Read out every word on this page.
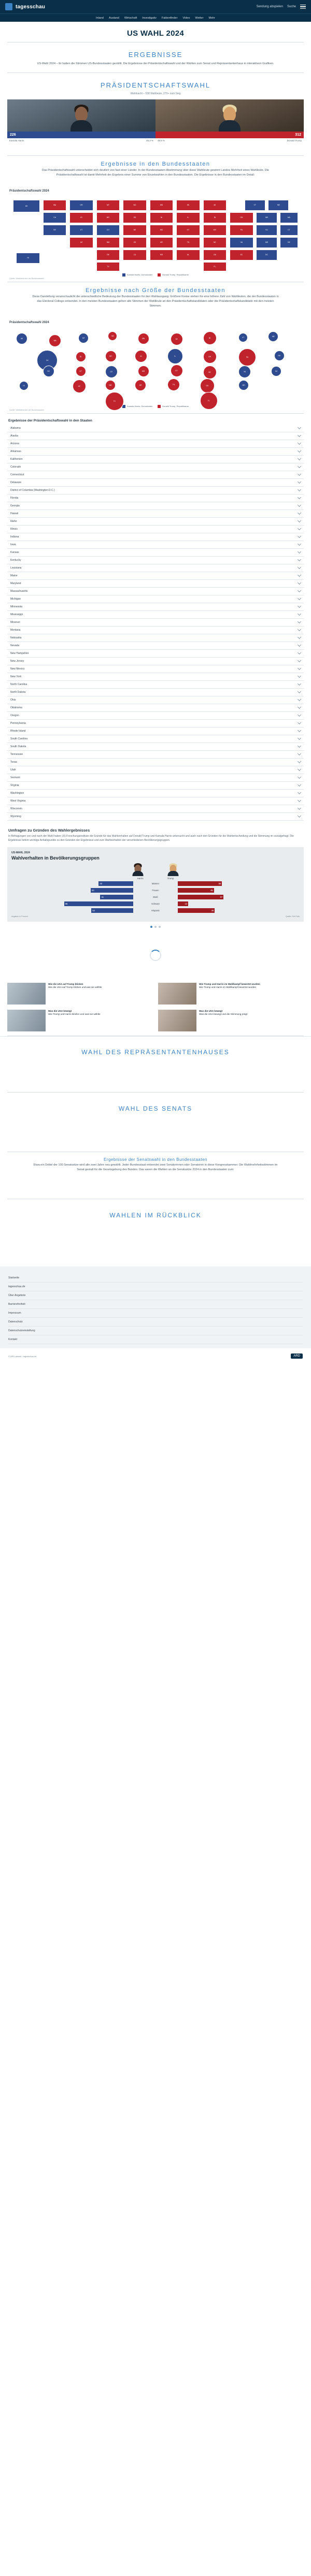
tagesschau	Sendung abspielen Suche
Inland Ausland Wirtschaft Investigativ Faktenfinder Video Wetter Mehr
US WAHL 2024
ERGEBNISSE
US-Wahl 2024 – Er hatten die Stimmen US-Bundesstaaten gezählt. Die Ergebnisse der Präsidentschaftswahl und der Wahlen zum Senat und Repräsentantenhaus in interaktiven Grafiken.
PRÄSIDENTSCHAFTSWAHL
Wahlnacht – 538 Wahlleute, 270+ zum Sieg
226
Kamala Harris	48,3 %
312
Donald Trump
49,9 %
Ergebnisse in den Bundesstaaten
Das Präsidentschaftswahl unterscheidet sich deutlich von fast einer Länder. In der Bundesstaaten-Abstimmung über diese Wahlleute gewinnt Landes Mehrheit eines Wahlleute. Die Präsidentschaftswahl ist damit Mehrheit der Ergebnis einer Summe von Einzelwahlen in den Bundesstaaten. Die Ergebnisse in den Bundesstaaten im Detail:
Präsidentschaftswahl 2024
AK	WA	OR	MT	ND	MN	WI	MI	VT	ME
CA	ID	WY	SD	IA	IL	IN	OH	NH	MA
NV	UT	CO	NE	MO	KY	WV	PA	NJ	CT
AZ	NM	KS	AR	TN	NC	VA	MD	DE
OK	LA	MS	AL	GA	SC	DC
HI
TX	FL
Kamala Harris, Demokraten	Donald Trump, Republikaner
Quelle: Wahlbehörden der Bundesstaaten
Ergebnisse nach Größe der Bundesstaaten
Diese Darstellung veranschaulicht die unterschiedliche Bedeutung der Bundesstaaten für den Wahlausgang. Größere Kreise stehen für eine höhere Zahl von Wahlleuten, die der Bundesstaaten in das Electoral College entsendet. In den meisten Bundesstaaten gehen alle Stimmen der Wahlleute an den Präsidentschaftskandidaten oder die Präsidentschaftskandidatin mit den meisten Stimmen.
Präsidentschaftswahl 2024
AK
WA
MT
ND
MN	WI	MI	VT	ME
CA
ID	WY	IA	IL	OH	PA
NH
NV	UT	CO	MO	KY
NC	VA	NJ
AZ	NM	AR	TN	GA	MD
HI
TX	FL
Kamala Harris, Demokraten	Donald Trump, Republikaner
Quelle: Wahlbehörden der Bundesstaaten
Ergebnisse der Präsidentschaftswahl in den Staaten
Alabama
Alaska
Arizona
Arkansas
Kalifornien
Colorado
Connecticut
Delaware
District of Columbia (Washington D.C.)
Florida
Georgia
Hawaii
Idaho
Illinois
Indiana
Iowa
Kansas
Kentucky
Louisiana
Maine
Maryland
Massachusetts
Michigan
Minnesota
Mississippi
Missouri
Montana
Nebraska
Nevada
New Hampshire
New Jersey
New Mexico
New York
North Carolina
North Dakota
Ohio
Oklahoma
Oregon
Pennsylvania
Rhode Island
South Carolina
South Dakota
Tennessee
Texas
Utah
Vermont
Virginia
Washington
West Virginia
Wisconsin
Wyoming
Umfragen zu Gründen des Wahlergebnisses
In Befragungen von und nach der Wahl haben US-Forschungsinstitute die Gründe für das Wahlverhalten auf Donald Trump und Kamala Harris untersucht und auch nach den Gründen für die Wahlentscheidung und die Stimmung im sozialgefragt. Die Ergebnisse liefern wichtige Anhaltspunkte zu den Gründen der Ergebnisse und zum Wahlverhalten der verschiedenen Bevölkerungsgruppen.
US-WAHL 2024
Wahlverhalten in Bevölkerungsgruppen
Harris	Trump
43	Männer	55
53	Frauen	45
41	Weiß	57
86	Schwarz	13
52	Hispanic	46
Angaben in Prozent	Quelle: Exit Polls
Wie die USA auf Trump blicken
Wie die USA auf Trump blicken und was sie wählte
Wie Trump und Harris im Wahlkampf bewertet wurden
Wie Trump und Harris im Wahlkampf bewertet wurden
Was die USA bewegt
Wie Trump und Harris Briefen und was sie wählte
Was die USA bewegt
Was die USA bewegt und die Stimmung prägt
WAHL DES REPRÄSENTANTENHAUSES
WAHL DES SENATS
Ergebnisse der Senatswahl in den Bundesstaaten
Etwa ein Drittel der 100 Senatssitze wird alle zwei Jahre neu gewählt. Jeder Bundesstaat entsendet zwei Senatorinnen oder Senatoren in diese Kongresskammer. Die Wahlmehrheitsstimmen im Senat gestalt für die Gesetzgebung des Bundes. Das waren die Wahlen an die Senatssitze 2024 in den Bundesstaaten zum:
WAHLEN IM RÜCKBLICK
Startseite
tagesschau.de
Über Angebote
Barrierefreiheit
Impressum
Datenschutz
Datenschutzeinstellung
Kontakt
© ARD-aktuell / tagesschau.de	ARD
